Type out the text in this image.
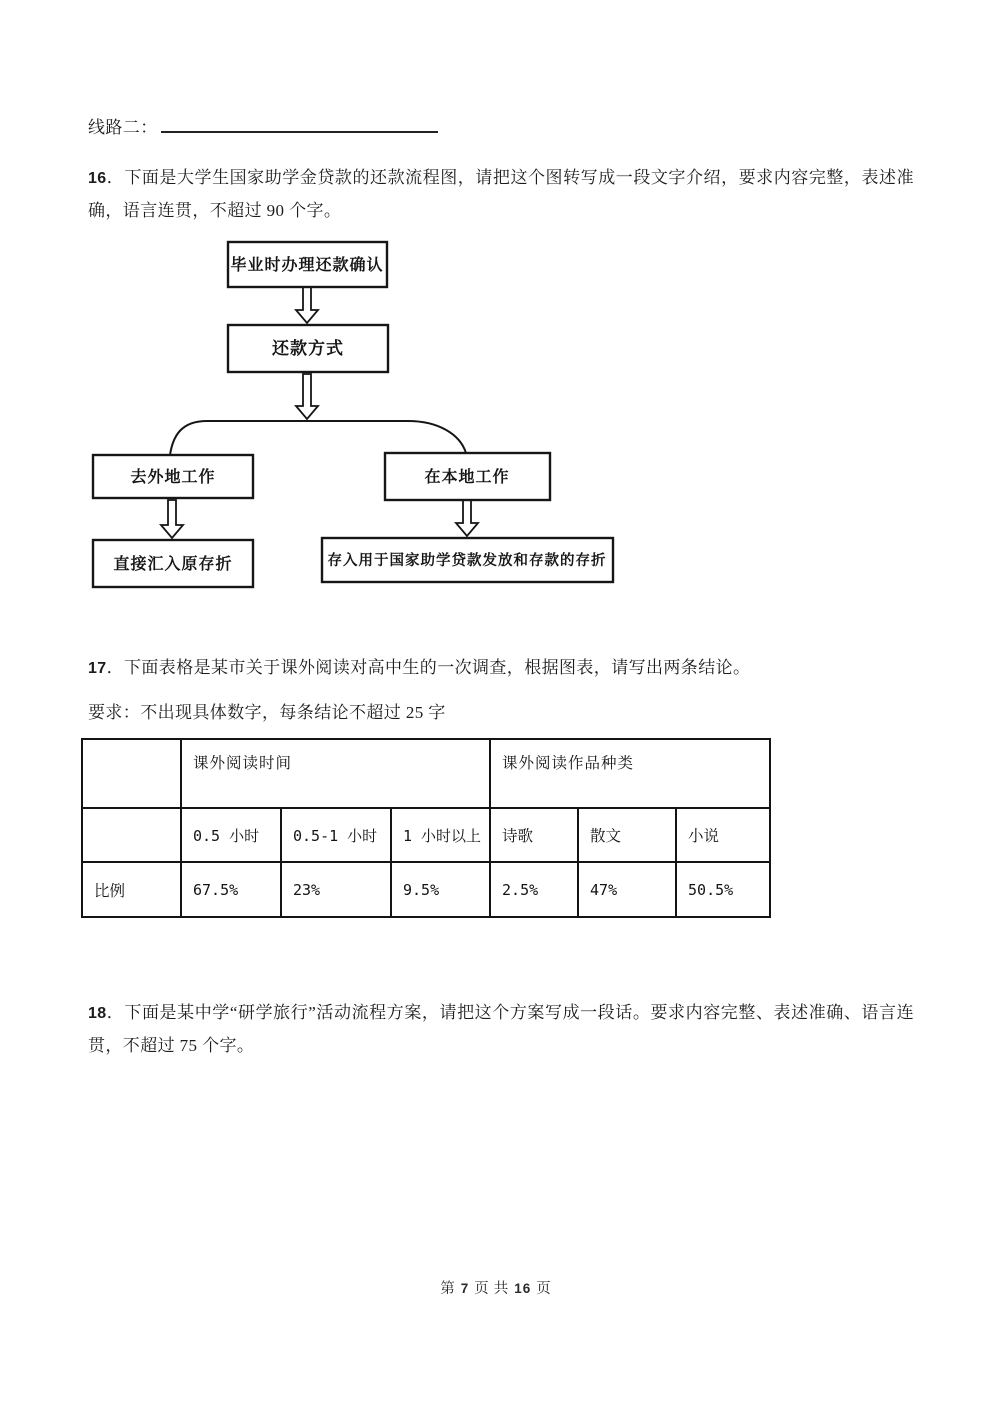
线路二：
16．下面是大学生国家助学金贷款的还款流程图，请把这个图转写成一段文字介绍，要求内容完整，表述准确，语言连贯，不超过 90 个字。
毕业时办理还款确认
还款方式
去外地工作	在本地工作
直接汇入原存折	存入用于国家助学贷款发放和存款的存折
17．下面表格是某市关于课外阅读对高中生的一次调查，根据图表，请写出两条结论。
要求：不出现具体数字，每条结论不超过 25 字
	课外阅读时间			课外阅读作品种类		
	0.5 小时	0.5-1 小时	1 小时以上	诗歌	散文	小说
比例	67.5%	23%	9.5%	2.5%	47%	50.5%
18．下面是某中学“研学旅行”活动流程方案，请把这个方案写成一段话。要求内容完整、表述准确、语言连贯，不超过 75 个字。
第 7 页 共 16 页
